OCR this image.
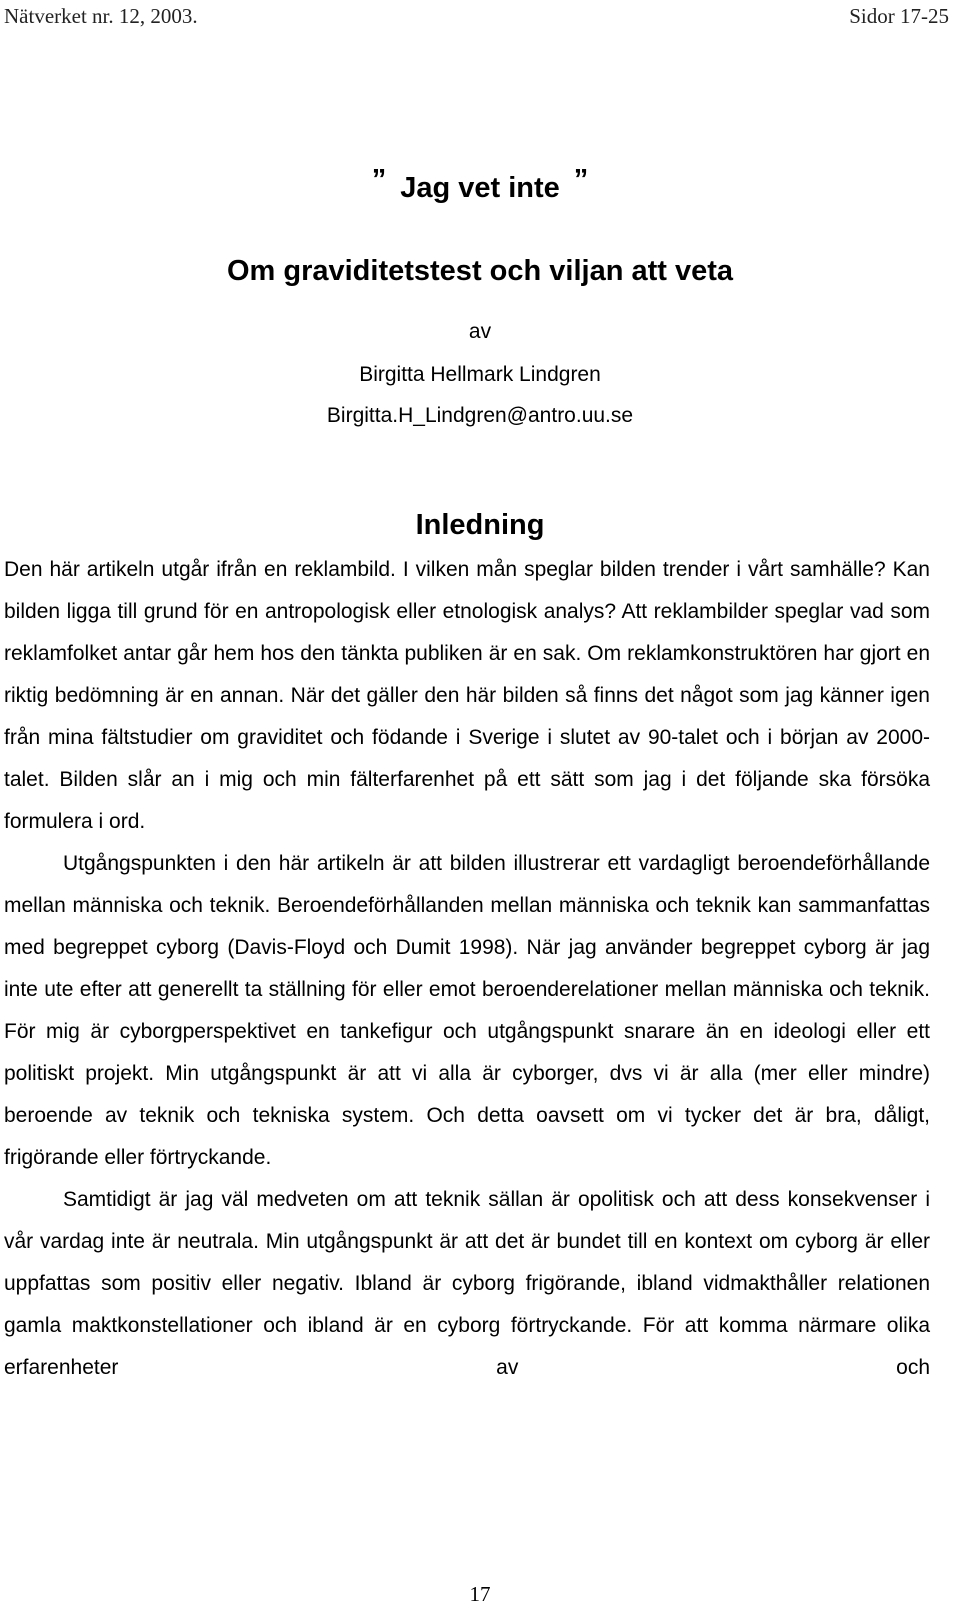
Nätverket nr. 12, 2003.	Sidor 17-25
” Jag vet inte ”
Om graviditetstest och viljan att veta
av
Birgitta Hellmark Lindgren
Birgitta.H_Lindgren@antro.uu.se
Inledning

Den här artikeln utgår ifrån en reklambild. I vilken mån speglar bilden trender i vårt samhälle? Kan bilden ligga till grund för en antropologisk eller etnologisk analys? Att reklambilder speglar vad som reklamfolket antar går hem hos den tänkta publiken är en sak. Om reklamkonstruktören har gjort en riktig bedömning är en annan. När det gäller den här bilden så finns det något som jag känner igen från mina fältstudier om graviditet och födande i Sverige i slutet av 90-talet och i början av 2000-talet. Bilden slår an i mig och min fälterfarenhet på ett sätt som jag i det följande ska försöka formulera i ord.

Utgångspunkten i den här artikeln är att bilden illustrerar ett vardagligt beroendeförhållande mellan människa och teknik. Beroendeförhållanden mellan människa och teknik kan sammanfattas med begreppet cyborg (Davis-Floyd och Dumit 1998). När jag använder begreppet cyborg är jag inte ute efter att generellt ta ställning för eller emot beroenderelationer mellan människa och teknik. För mig är cyborgperspektivet en tankefigur och utgångspunkt snarare än en ideologi eller ett politiskt projekt. Min utgångspunkt är att vi alla är cyborger, dvs vi är alla (mer eller mindre) beroende av teknik och tekniska system. Och detta oavsett om vi tycker det är bra, dåligt, frigörande eller förtryckande.

Samtidigt är jag väl medveten om att teknik sällan är opolitisk och att dess konsekvenser i vår vardag inte är neutrala. Min utgångspunkt är att det är bundet till en kontext om cyborg är eller uppfattas som positiv eller negativ. Ibland är cyborg frigörande, ibland vidmakthåller relationen gamla maktkonstellationer och ibland är en cyborg förtryckande. För att komma närmare olika erfarenheter av och

17
